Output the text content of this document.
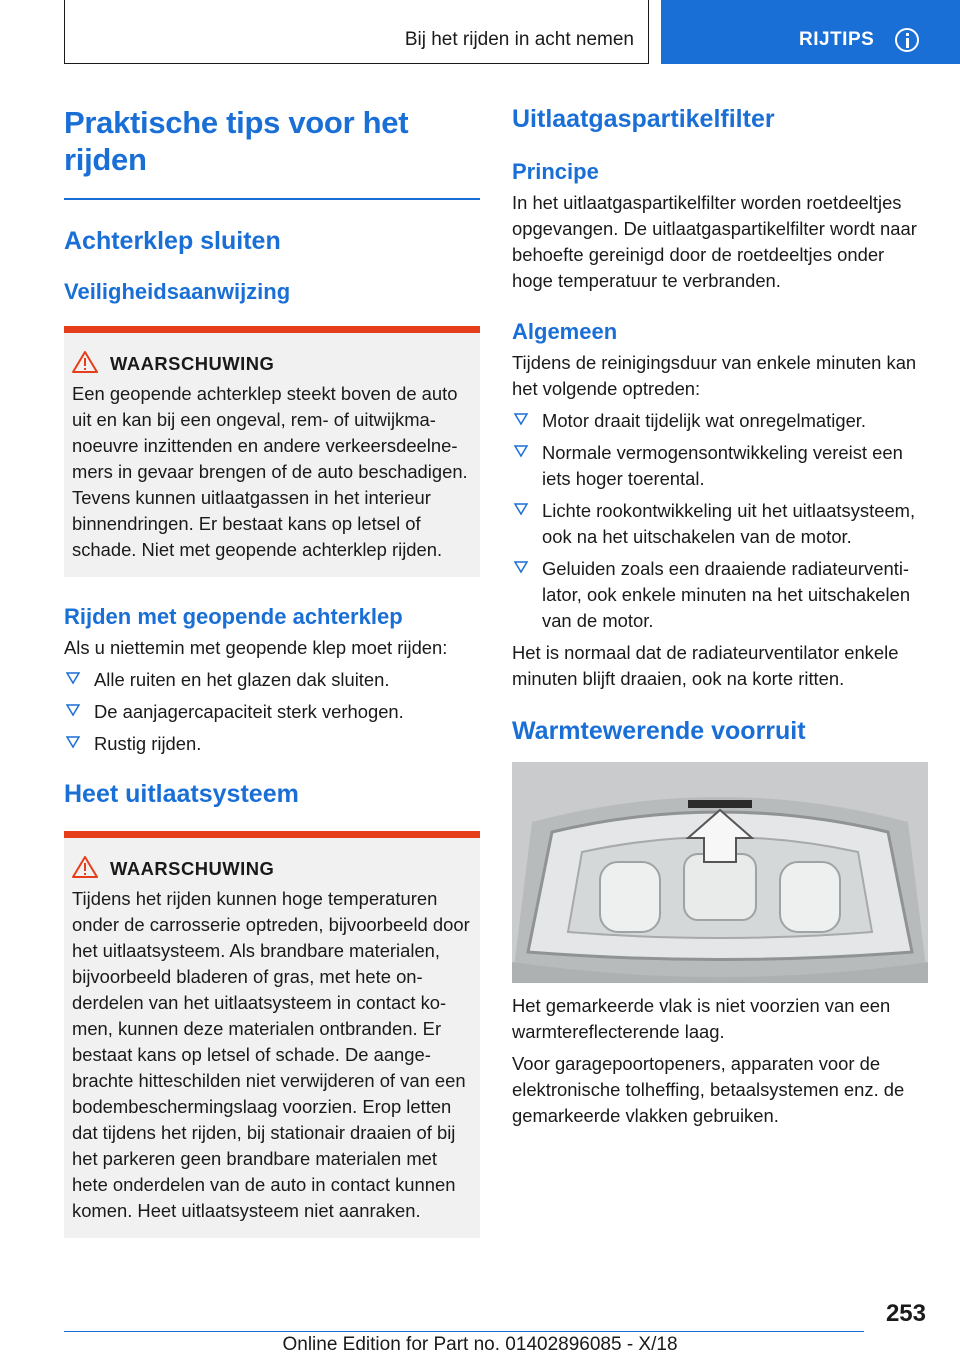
Bij het rijden in acht nemen	RIJTIPS
Praktische tips voor het rijden
Achterklep sluiten
Veiligheidsaanwijzing
WAARSCHUWING

Een geopende achterklep steekt boven de auto uit en kan bij een ongeval, rem- of uitwijkmanoeuvre inzittenden en andere verkeersdeelnemers in gevaar brengen of de auto beschadigen. Tevens kunnen uitlaatgassen in het interieur binnendringen. Er bestaat kans op letsel of schade. Niet met geopende achterklep rijden.

Rijden met geopende achterklep

Als u niettemin met geopende klep moet rijden:

Alle ruiten en het glazen dak sluiten.
De aanjagercapaciteit sterk verhogen.
Rustig rijden.
Heet uitlaatsysteem
WAARSCHUWING

Tijdens het rijden kunnen hoge temperaturen onder de carrosserie optreden, bijvoorbeeld door het uitlaatsysteem. Als brandbare materialen, bijvoorbeeld bladeren of gras, met hete onderdelen van het uitlaatsysteem in contact komen, kunnen deze materialen ontbranden. Er bestaat kans op letsel of schade. De aangebrachte hitteschilden niet verwijderen of van een bodembeschermingslaag voorzien. Erop letten dat tijdens het rijden, bij stationair draaien of bij het parkeren geen brandbare materialen met hete onderdelen van de auto in contact kunnen komen. Heet uitlaatsysteem niet aanraken.

Uitlaatgaspartikelfilter
Principe

In het uitlaatgaspartikelfilter worden roetdeeltjes opgevangen. De uitlaatgaspartikelfilter wordt naar behoefte gereinigd door de roetdeeltjes onder hoge temperatuur te verbranden.

Algemeen

Tijdens de reinigingsduur van enkele minuten kan het volgende optreden:

Motor draait tijdelijk wat onregelmatiger.
Normale vermogensontwikkeling vereist een iets hoger toerental.
Lichte rookontwikkeling uit het uitlaatsysteem, ook na het uitschakelen van de motor.
Geluiden zoals een draaiende radiateurventilator, ook enkele minuten na het uitschakelen van de motor.

Het is normaal dat de radiateurventilator enkele minuten blijft draaien, ook na korte ritten.

Warmtewerende voorruit

Het gemarkeerde vlak is niet voorzien van een warmtereflecterende laag.

Voor garagepoortopeners, apparaten voor de elektronische tolheffing, betaalsystemen enz. de gemarkeerde vlakken gebruiken.

253
Online Edition for Part no. 01402896085 - X/18
